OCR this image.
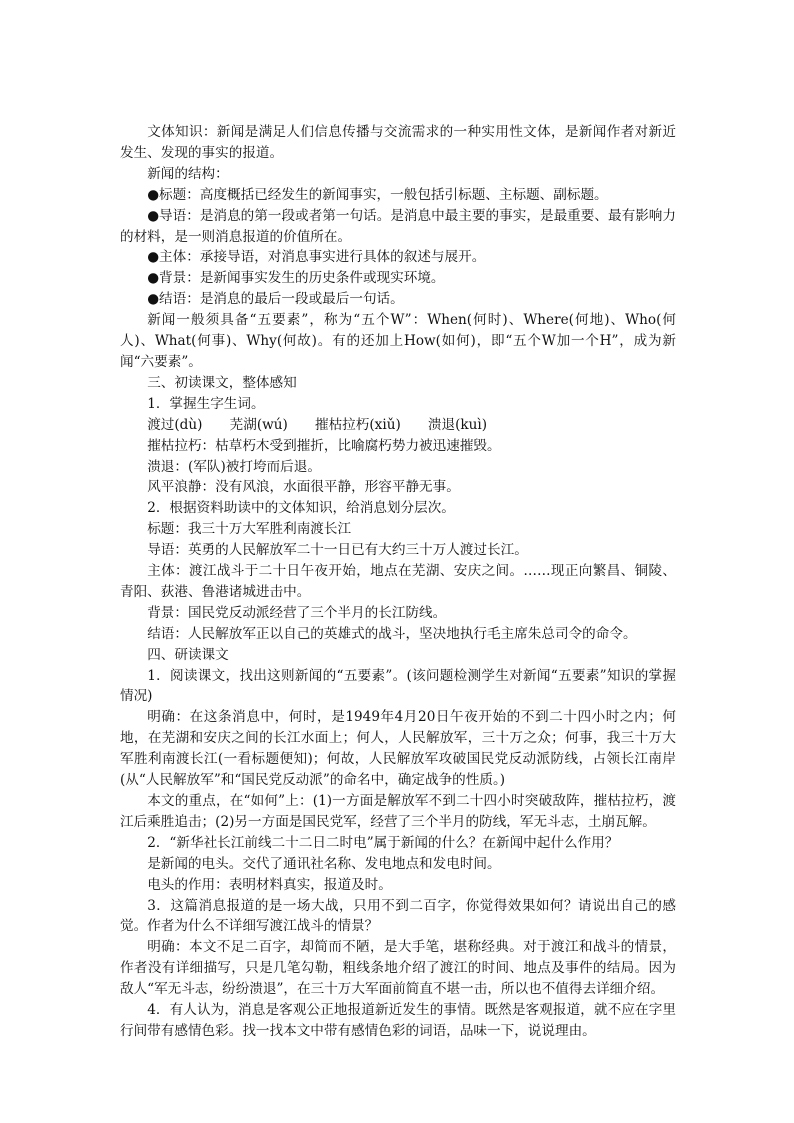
文体知识：新闻是满足人们信息传播与交流需求的一种实用性文体，是新闻作者对新近发生、发现的事实的报道。

新闻的结构：

●标题：高度概括已经发生的新闻事实，一般包括引标题、主标题、副标题。

●导语：是消息的第一段或者第一句话。是消息中最主要的事实，是最重要、最有影响力的材料，是一则消息报道的价值所在。

●主体：承接导语，对消息事实进行具体的叙述与展开。

●背景：是新闻事实发生的历史条件或现实环境。

●结语：是消息的最后一段或最后一句话。

新闻一般须具备“五要素”，称为“五个W”：When(何时)、Where(何地)、Who(何人)、What(何事)、Why(何故)。有的还加上How(如何)，即“五个W加一个H”，成为新闻“六要素”。

三、初读课文，整体感知

1．掌握生字生词。

渡过(dù)　　芜湖(wú)　　摧枯拉朽(xiǔ)　　溃退(kuì)

摧枯拉朽：枯草朽木受到摧折，比喻腐朽势力被迅速摧毁。

溃退：(军队)被打垮而后退。

风平浪静：没有风浪，水面很平静，形容平静无事。

2．根据资料助读中的文体知识，给消息划分层次。

标题：我三十万大军胜利南渡长江

导语：英勇的人民解放军二十一日已有大约三十万人渡过长江。

主体：渡江战斗于二十日午夜开始，地点在芜湖、安庆之间。……现正向繁昌、铜陵、青阳、荻港、鲁港诸城进击中。

背景：国民党反动派经营了三个半月的长江防线。

结语：人民解放军正以自己的英雄式的战斗，坚决地执行毛主席朱总司令的命令。

四、研读课文

1．阅读课文，找出这则新闻的“五要素”。(该问题检测学生对新闻“五要素”知识的掌握情况)

明确：在这条消息中，何时，是1949年4月20日午夜开始的不到二十四小时之内；何地，在芜湖和安庆之间的长江水面上；何人，人民解放军，三十万之众；何事，我三十万大军胜利南渡长江(一看标题便知)；何故，人民解放军攻破国民党反动派防线，占领长江南岸(从“人民解放军”和“国民党反动派”的命名中，确定战争的性质。)

本文的重点，在“如何”上：(1)一方面是解放军不到二十四小时突破敌阵，摧枯拉朽，渡江后乘胜追击；(2)另一方面是国民党军，经营了三个半月的防线，军无斗志，土崩瓦解。

2．“新华社长江前线二十二日二时电”属于新闻的什么？在新闻中起什么作用？

是新闻的电头。交代了通讯社名称、发电地点和发电时间。

电头的作用：表明材料真实，报道及时。

3．这篇消息报道的是一场大战，只用不到二百字，你觉得效果如何？请说出自己的感觉。作者为什么不详细写渡江战斗的情景？

明确：本文不足二百字，却简而不陋，是大手笔，堪称经典。对于渡江和战斗的情景，作者没有详细描写，只是几笔勾勒，粗线条地介绍了渡江的时间、地点及事件的结局。因为敌人“军无斗志，纷纷溃退”，在三十万大军面前简直不堪一击，所以也不值得去详细介绍。

4．有人认为，消息是客观公正地报道新近发生的事情。既然是客观报道，就不应在字里行间带有感情色彩。找一找本文中带有感情色彩的词语，品味一下，说说理由。
